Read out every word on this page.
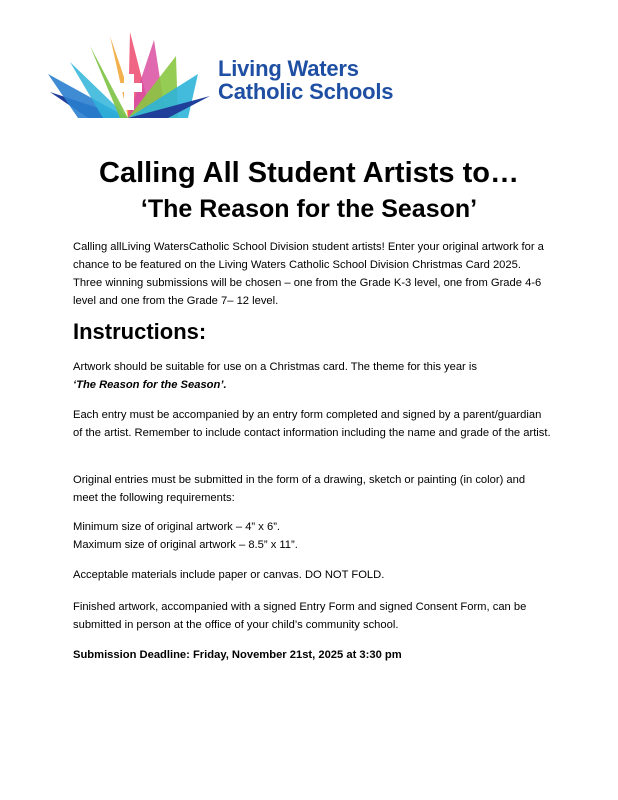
Living Waters
Catholic Schools
Calling All Student Artists to…
‘The Reason for the Season’
Calling allLiving WatersCatholic School Division student artists! Enter your original artwork for a chance to be featured on the Living Waters Catholic School Division Christmas Card 2025. Three winning submissions will be chosen – one from the Grade K-3 level, one from Grade 4-6 level and one from the Grade 7– 12 level.
Instructions:
Artwork should be suitable for use on a Christmas card. The theme for this year is
‘The Reason for the Season’.
Each entry must be accompanied by an entry form completed and signed by a parent/guardian of the artist. Remember to include contact information including the name and grade of the artist.
Original entries must be submitted in the form of a drawing, sketch or painting (in color) and meet the following requirements:
Minimum size of original artwork – 4” x 6”.
Maximum size of original artwork – 8.5” x 11”.
Acceptable materials include paper or canvas. DO NOT FOLD.
Finished artwork, accompanied with a signed Entry Form and signed Consent Form, can be submitted in person at the office of your child’s community school.
Submission Deadline: Friday, November 21st, 2025 at 3:30 pm
